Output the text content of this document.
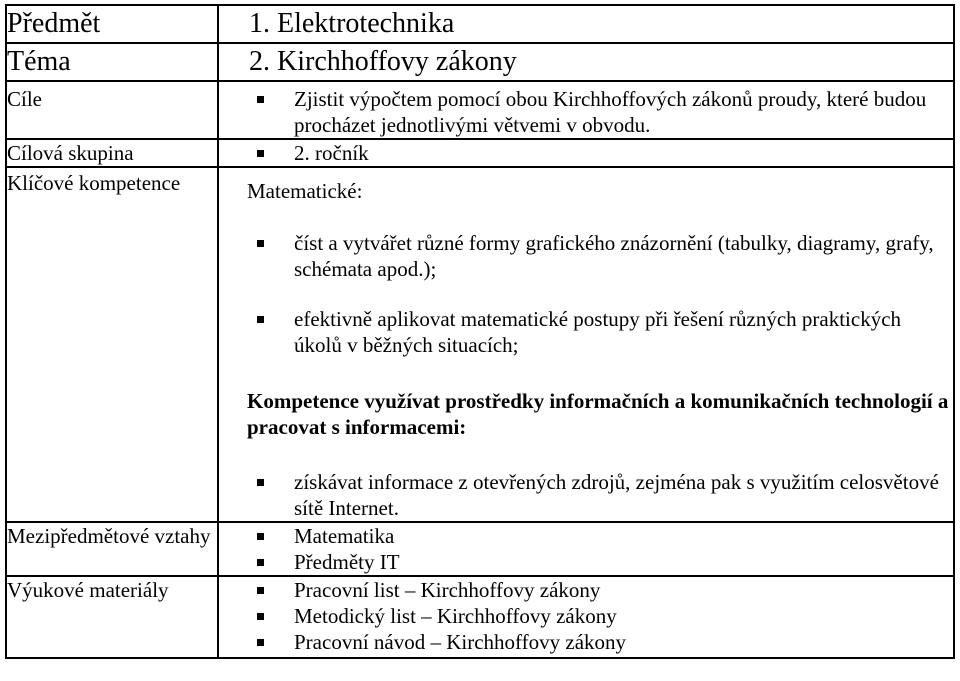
Předmět	1. Elektrotechnika
Téma	2. Kirchhoffovy zákony
Cíle	Zjistit výpočtem pomocí obou Kirchhoffových zákonů proudy, které budou procházet jednotlivými větvemi v obvodu.

Cílová skupina	2. ročník

Klíčové kompetence	Matematické:
číst a vytvářet různé formy grafického znázornění (tabulky, diagramy, grafy, schémata apod.);
efektivně aplikovat matematické postupy při řešení různých praktických úkolů v běžných situacích;
Kompetence využívat prostředky informačních a komunikačních technologií a pracovat s informacemi:
získávat informace z otevřených zdrojů, zejména pak s využitím celosvětové sítě Internet.

Mezipředmětové vztahy	Matematika
Předměty IT

Výukové materiály	Pracovní list – Kirchhoffovy zákony
Metodický list – Kirchhoffovy zákony
Pracovní návod – Kirchhoffovy zákony
